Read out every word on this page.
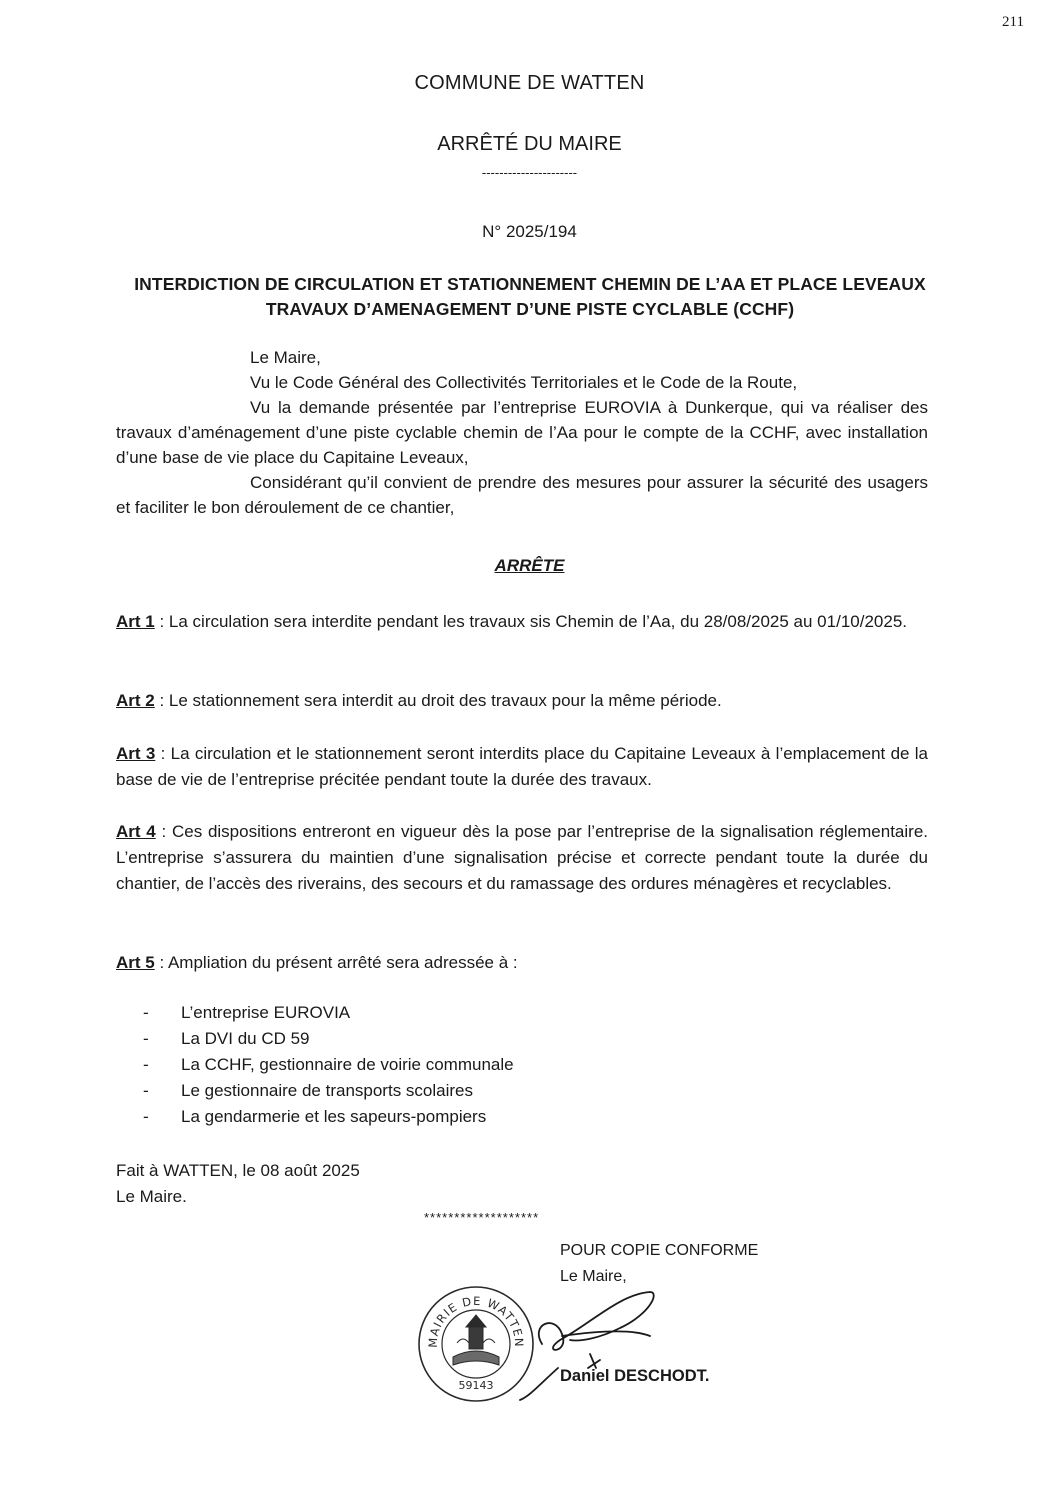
211
COMMUNE DE WATTEN
ARRÊTÉ DU MAIRE
----------------------
N° 2025/194
INTERDICTION DE CIRCULATION ET STATIONNEMENT CHEMIN DE L’AA ET PLACE LEVEAUX
TRAVAUX D’AMENAGEMENT D’UNE PISTE CYCLABLE (CCHF)

Le Maire,

Vu le Code Général des Collectivités Territoriales et le Code de la Route,

Vu la demande présentée par l’entreprise EUROVIA à Dunkerque, qui va réaliser des travaux d’aménagement d’une piste cyclable chemin de l’Aa pour le compte de la CCHF, avec installation d’une base de vie place du Capitaine Leveaux,

Considérant qu’il convient de prendre des mesures pour assurer la sécurité des usagers et faciliter le bon déroulement de ce chantier,

ARRÊTE
Art 1 : La circulation sera interdite pendant les travaux sis Chemin de l’Aa, du 28/08/2025 au 01/10/2025.
Art 2 : Le stationnement sera interdit au droit des travaux pour la même période.
Art 3 : La circulation et le stationnement seront interdits place du Capitaine Leveaux à l’emplacement de la base de vie de l’entreprise précitée pendant toute la durée des travaux.
Art 4 : Ces dispositions entreront en vigueur dès la pose par l’entreprise de la signalisation réglementaire. L’entreprise s’assurera du maintien d’une signalisation précise et correcte pendant toute la durée du chantier, de l’accès des riverains, des secours et du ramassage des ordures ménagères et recyclables.
Art 5 : Ampliation du présent arrêté sera adressée à :
- L’entreprise EUROVIA
- La DVI du CD 59
- La CCHF, gestionnaire de voirie communale
- Le gestionnaire de transports scolaires
- La gendarmerie et les sapeurs-pompiers
Fait à WATTEN, le 08 août 2025
Le Maire.
*******************
POUR COPIE CONFORME
Le Maire,
MAIRIE DE WATTEN
59143
Daniel DESCHODT.
